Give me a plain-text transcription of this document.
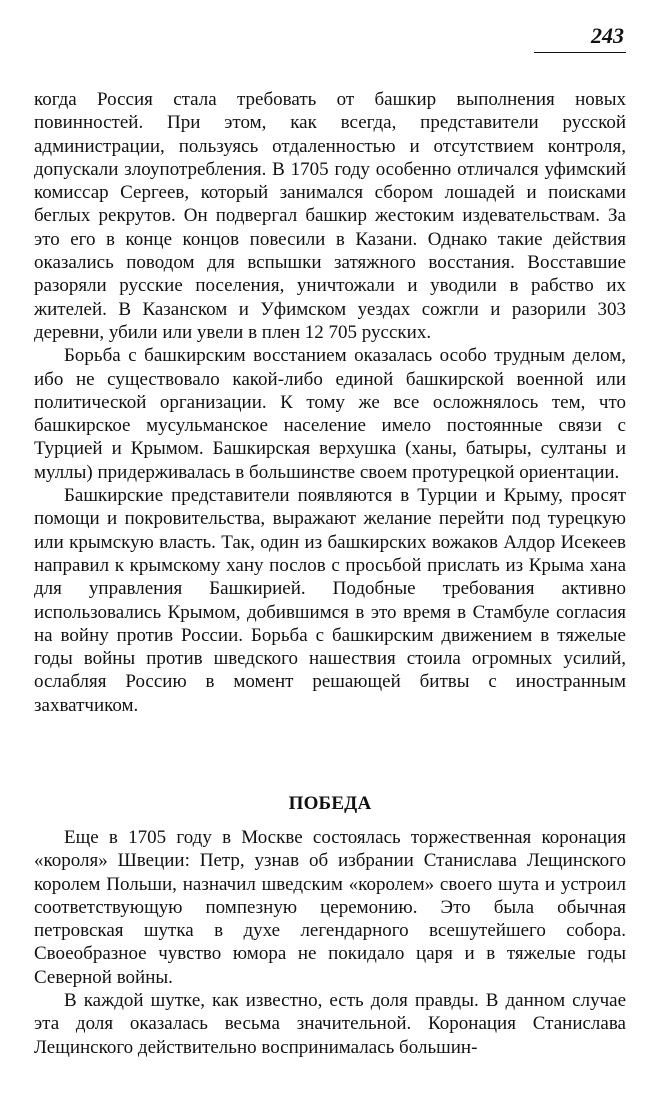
243

когда Россия стала требовать от башкир выполнения новых повинностей. При этом, как всегда, представители русской администрации, пользуясь отдаленностью и отсутствием контроля, допускали злоупотребления. В 1705 году особенно отличался уфимский комиссар Сергеев, который занимался сбором лошадей и поисками беглых рекрутов. Он подвергал башкир жестоким издевательствам. За это его в конце концов повесили в Казани. Однако такие действия оказались поводом для вспышки затяжного восстания. Восставшие разоряли русские поселения, уничтожали и уводили в рабство их жителей. В Казанском и Уфимском уездах сожгли и разорили 303 деревни, убили или увели в плен 12 705 русских.

Борьба с башкирским восстанием оказалась особо трудным делом, ибо не существовало какой-либо единой башкирской военной или политической организации. К тому же все осложнялось тем, что башкирское мусульманское население имело постоянные связи с Турцией и Крымом. Башкирская верхушка (ханы, батыры, султаны и муллы) придерживалась в большинстве своем протурецкой ориентации.

Башкирские представители появляются в Турции и Крыму, просят помощи и покровительства, выражают желание перейти под турецкую или крымскую власть. Так, один из башкирских вожаков Алдор Исекеев направил к крымскому хану послов с просьбой прислать из Крыма хана для управления Башкирией. Подобные требования активно использовались Крымом, добившимся в это время в Стамбуле согласия на войну против России. Борьба с башкирским движением в тяжелые годы войны против шведского нашествия стоила огромных усилий, ослабляя Россию в момент решающей битвы с иностранным захватчиком.

ПОБЕДА

Еще в 1705 году в Москве состоялась торжественная коронация «короля» Швеции: Петр, узнав об избрании Станислава Лещинского королем Польши, назначил шведским «королем» своего шута и устроил соответствующую помпезную церемонию. Это была обычная петровская шутка в духе легендарного всешутейшего собора. Своеобразное чувство юмора не покидало царя и в тяжелые годы Северной войны.

В каждой шутке, как известно, есть доля правды. В данном случае эта доля оказалась весьма значительной. Коронация Станислава Лещинского действительно воспринималась большин-
